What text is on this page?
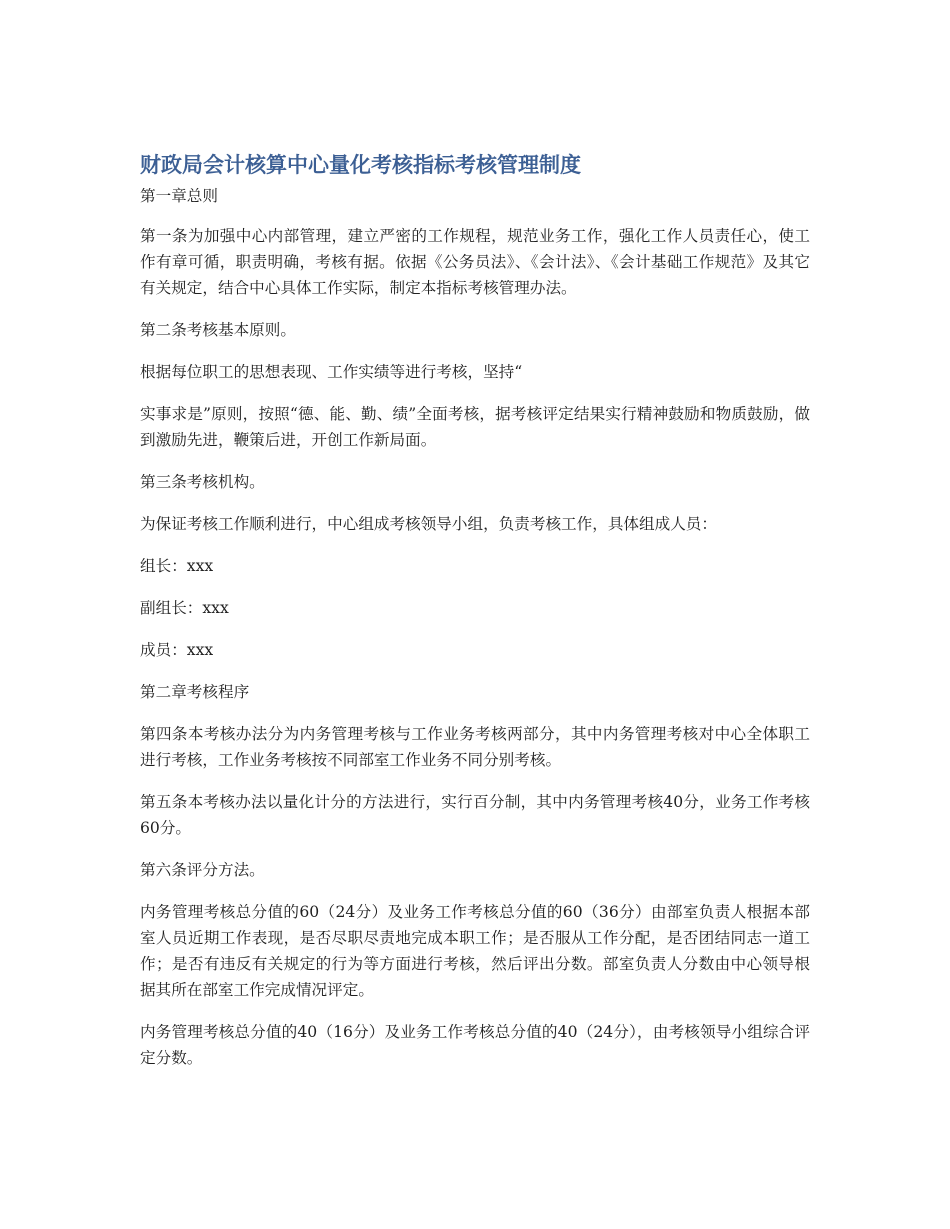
财政局会计核算中心量化考核指标考核管理制度

第一章总则

第一条为加强中心内部管理，建立严密的工作规程，规范业务工作，强化工作人员责任心，使工作有章可循，职责明确，考核有据。依据《公务员法》、《会计法》、《会计基础工作规范》及其它有关规定，结合中心具体工作实际，制定本指标考核管理办法。

第二条考核基本原则。

根据每位职工的思想表现、工作实绩等进行考核，坚持“

实事求是”原则，按照“德、能、勤、绩”全面考核，据考核评定结果实行精神鼓励和物质鼓励，做到激励先进，鞭策后进，开创工作新局面。

第三条考核机构。

为保证考核工作顺利进行，中心组成考核领导小组，负责考核工作，具体组成人员：

组长：xxx

副组长：xxx

成员：xxx

第二章考核程序

第四条本考核办法分为内务管理考核与工作业务考核两部分，其中内务管理考核对中心全体职工进行考核，工作业务考核按不同部室工作业务不同分别考核。

第五条本考核办法以量化计分的方法进行，实行百分制，其中内务管理考核40分，业务工作考核60分。

第六条评分方法。

内务管理考核总分值的60（24分）及业务工作考核总分值的60（36分）由部室负责人根据本部室人员近期工作表现，是否尽职尽责地完成本职工作；是否服从工作分配，是否团结同志一道工作；是否有违反有关规定的行为等方面进行考核，然后评出分数。部室负责人分数由中心领导根据其所在部室工作完成情况评定。

内务管理考核总分值的40（16分）及业务工作考核总分值的40（24分），由考核领导小组综合评定分数。
